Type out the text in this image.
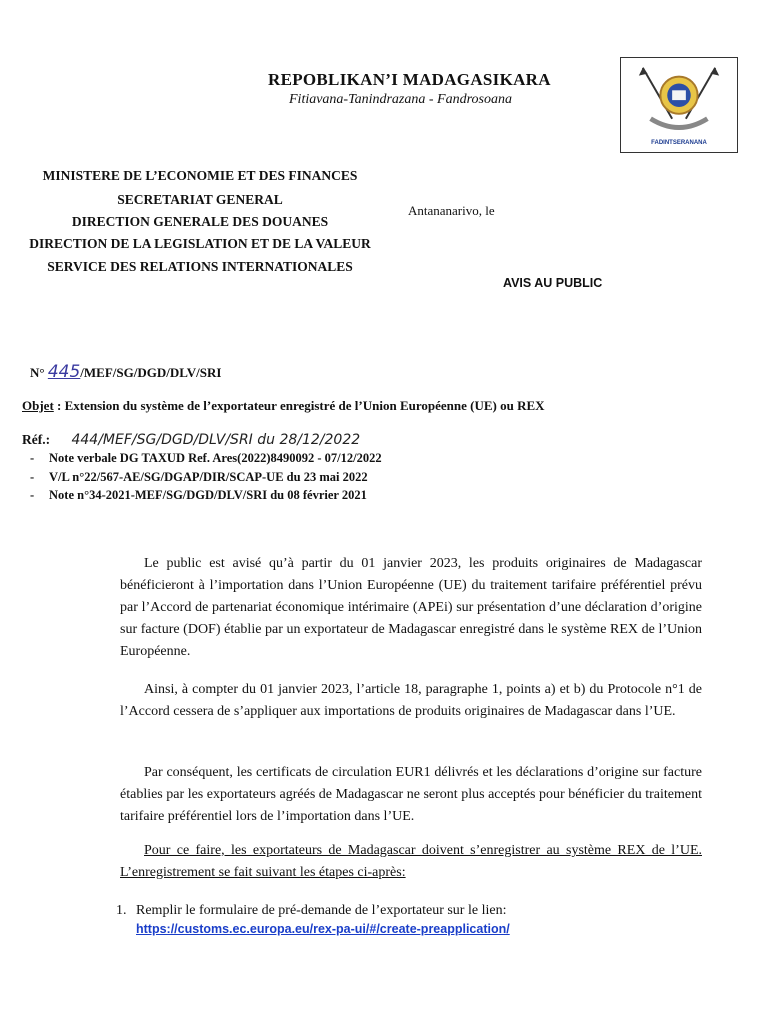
REPOBLIKAN’I MADAGASIKARA
Fitiavana-Tanindrazana - Fandrosoana
FADINTSERANANA
MINISTERE DE L’ECONOMIE ET DES FINANCES
SECRETARIAT GENERAL
DIRECTION GENERALE DES DOUANES
DIRECTION DE LA LEGISLATION ET DE LA VALEUR
SERVICE DES RELATIONS INTERNATIONALES
Antananarivo, le
AVIS AU PUBLIC
N° 445/MEF/SG/DGD/DLV/SRI
Objet : Extension du système de l’exportateur enregistré de l’Union Européenne (UE) ou REX
Réf.: 444/MEF/SG/DGD/DLV/SRI du 28/12/2022
- Note verbale DG TAXUD Ref. Ares(2022)8490092 - 07/12/2022
- V/L n°22/567-AE/SG/DGAP/DIR/SCAP-UE du 23 mai 2022
- Note n°34-2021-MEF/SG/DGD/DLV/SRI du 08 février 2021
Le public est avisé qu’à partir du 01 janvier 2023, les produits originaires de Madagascar bénéficieront à l’importation dans l’Union Européenne (UE) du traitement tarifaire préférentiel prévu par l’Accord de partenariat économique intérimaire (APEi) sur présentation d’une déclaration d’origine sur facture (DOF) établie par un exportateur de Madagascar enregistré dans le système REX de l’Union Européenne.
Ainsi, à compter du 01 janvier 2023, l’article 18, paragraphe 1, points a) et b) du Protocole n°1 de l’Accord cessera de s’appliquer aux importations de produits originaires de Madagascar dans l’UE.
Par conséquent, les certificats de circulation EUR1 délivrés et les déclarations d’origine sur facture établies par les exportateurs agréés de Madagascar ne seront plus acceptés pour bénéficier du traitement tarifaire préférentiel lors de l’importation dans l’UE.
Pour ce faire, les exportateurs de Madagascar doivent s’enregistrer au système REX de l’UE. L’enregistrement se fait suivant les étapes ci-après:
1. Remplir le formulaire de pré-demande de l’exportateur sur le lien:
https://customs.ec.europa.eu/rex-pa-ui/#/create-preapplication/
